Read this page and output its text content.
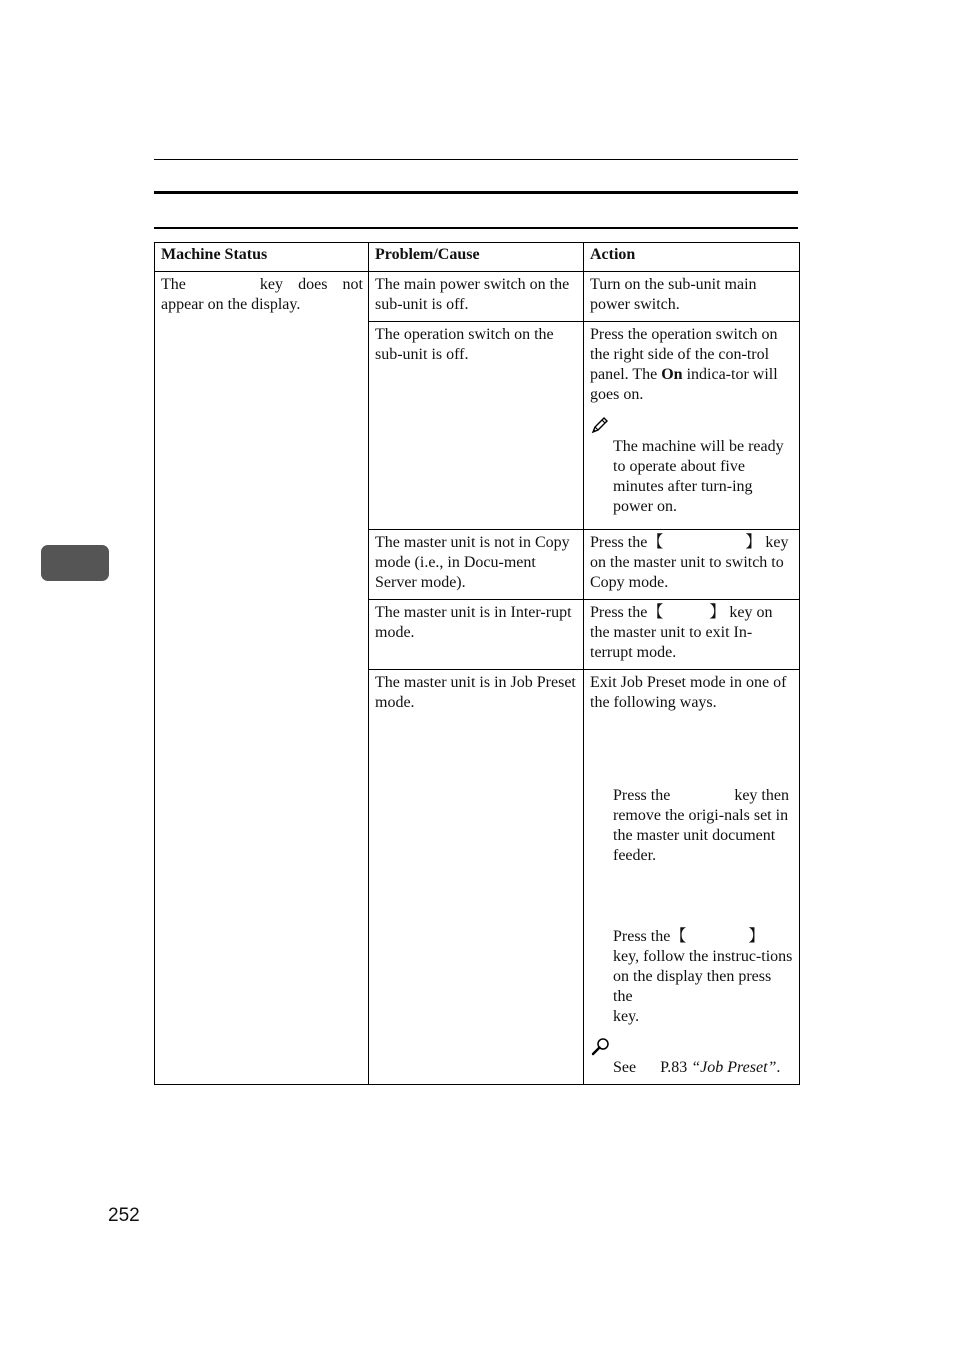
Machine Status	Problem/Cause	Action
The key does not appear on the display.	The main power switch on the sub-unit is off.	Turn on the sub-unit main power switch.
	The operation switch on the sub-unit is off.	Press the operation switch on the right side of the con-trol panel. The On indica-tor will goes on.
The machine will be ready to operate about five minutes after turn-ing power on.

	The master unit is not in Copy mode (i.e., in Docu-ment Server mode).	Press the【 】 key on the master unit to switch to Copy mode.
	The master unit is in Inter-rupt mode.	Press the【 】 key on the master unit to exit In-terrupt mode.
	The master unit is in Job Preset mode.	Exit Job Preset mode in one of the following ways.
Press the key then remove the origi-nals set in the master unit document feeder.
Press the【 】 key, follow the instruc-tions on the display then press the
key.
See P.83 “Job Preset”.
252
